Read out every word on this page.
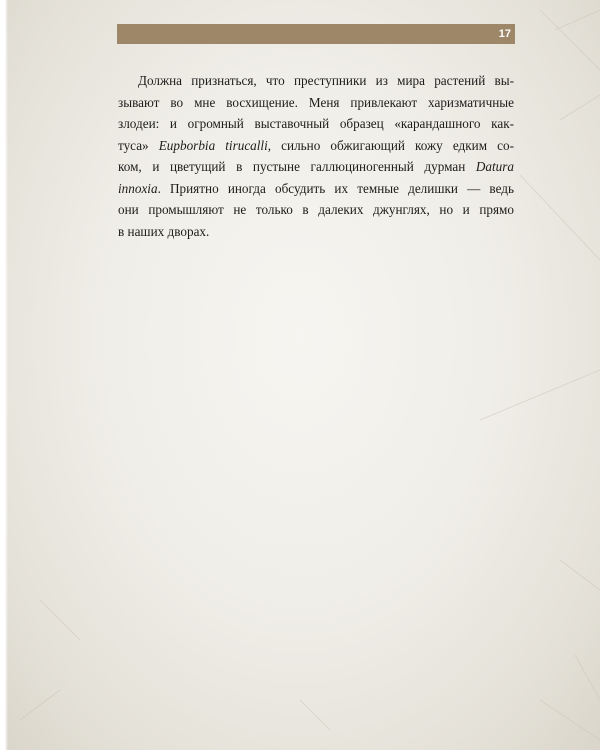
17
Должна признаться, что преступники из мира растений вы-
зывают во мне восхищение. Меня привлекают харизматичные
злодеи: и огромный выставочный образец «карандашного как-
туса» Eupborbia tirucalli, сильно обжигающий кожу едким со-
ком, и цветущий в пустыне галлюциногенный дурман Datura
innoxia. Приятно иногда обсудить их темные делишки — ведь
они промышляют не только в далеких джунглях, но и прямо
в наших дворах.
